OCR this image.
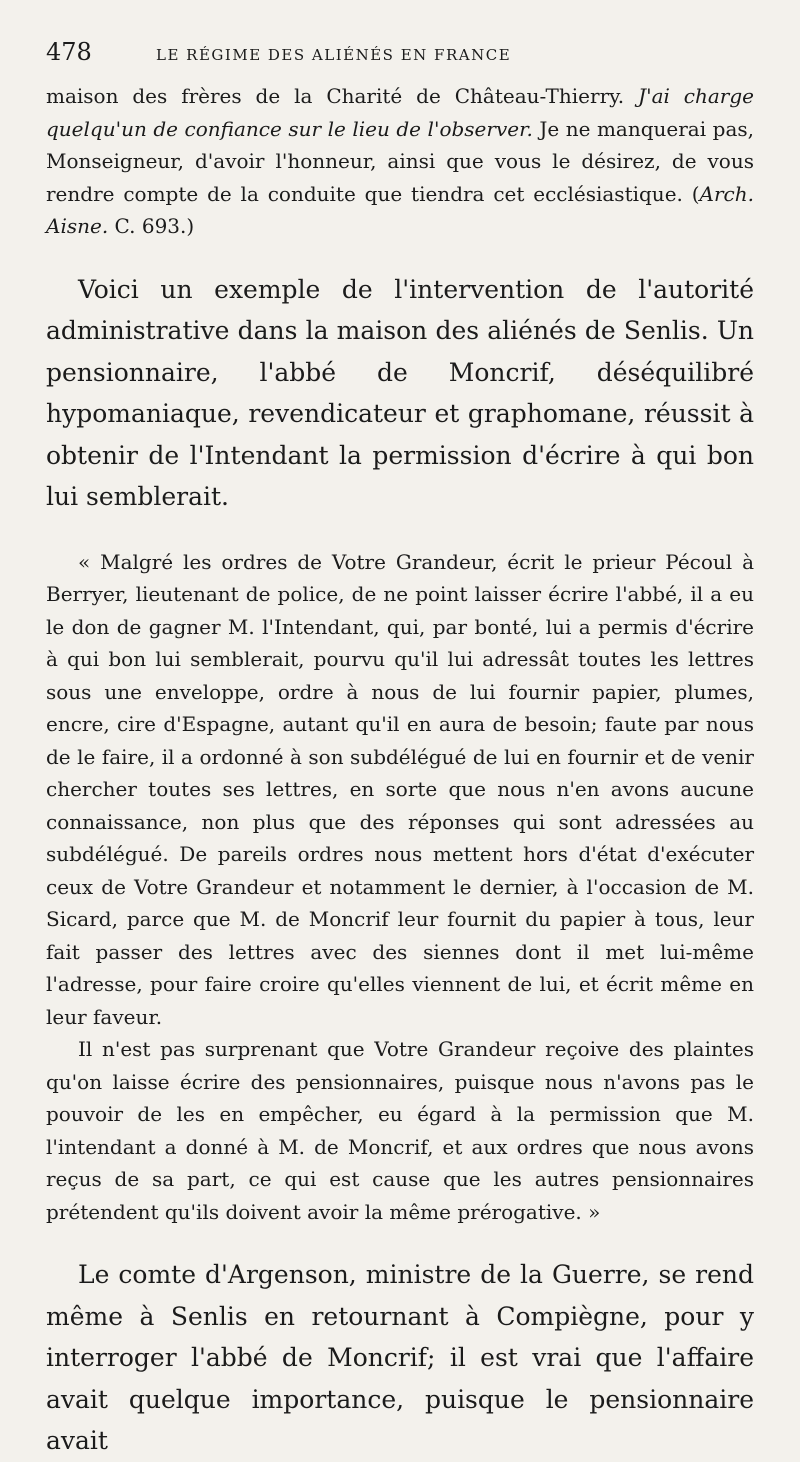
478	LE RÉGIME DES ALIÉNÉS EN FRANCE

maison des frères de la Charité de Château-Thierry. J'ai charge quelqu'un de confiance sur le lieu de l'observer. Je ne manquerai pas, Monseigneur, d'avoir l'honneur, ainsi que vous le désirez, de vous rendre compte de la conduite que tiendra cet ecclésiastique. (Arch. Aisne. C. 693.)

Voici un exemple de l'intervention de l'autorité administrative dans la maison des aliénés de Senlis. Un pensionnaire, l'abbé de Moncrif, déséquilibré hypomaniaque, revendicateur et graphomane, réussit à obtenir de l'Intendant la permission d'écrire à qui bon lui semblerait.

« Malgré les ordres de Votre Grandeur, écrit le prieur Pécoul à Berryer, lieutenant de police, de ne point laisser écrire l'abbé, il a eu le don de gagner M. l'Intendant, qui, par bonté, lui a permis d'écrire à qui bon lui semblerait, pourvu qu'il lui adressât toutes les lettres sous une enveloppe, ordre à nous de lui fournir papier, plumes, encre, cire d'Espagne, autant qu'il en aura de besoin; faute par nous de le faire, il a ordonné à son subdélégué de lui en fournir et de venir chercher toutes ses lettres, en sorte que nous n'en avons aucune connaissance, non plus que des réponses qui sont adressées au subdélégué. De pareils ordres nous mettent hors d'état d'exécuter ceux de Votre Grandeur et notamment le dernier, à l'occasion de M. Sicard, parce que M. de Moncrif leur fournit du papier à tous, leur fait passer des lettres avec des siennes dont il met lui-même l'adresse, pour faire croire qu'elles viennent de lui, et écrit même en leur faveur.

Il n'est pas surprenant que Votre Grandeur reçoive des plaintes qu'on laisse écrire des pensionnaires, puisque nous n'avons pas le pouvoir de les en empêcher, eu égard à la permission que M. l'intendant a donné à M. de Moncrif, et aux ordres que nous avons reçus de sa part, ce qui est cause que les autres pensionnaires prétendent qu'ils doivent avoir la même prérogative. »

Le comte d'Argenson, ministre de la Guerre, se rend même à Senlis en retournant à Compiègne, pour y interroger l'abbé de Moncrif; il est vrai que l'affaire avait quelque importance, puisque le pensionnaire avait
